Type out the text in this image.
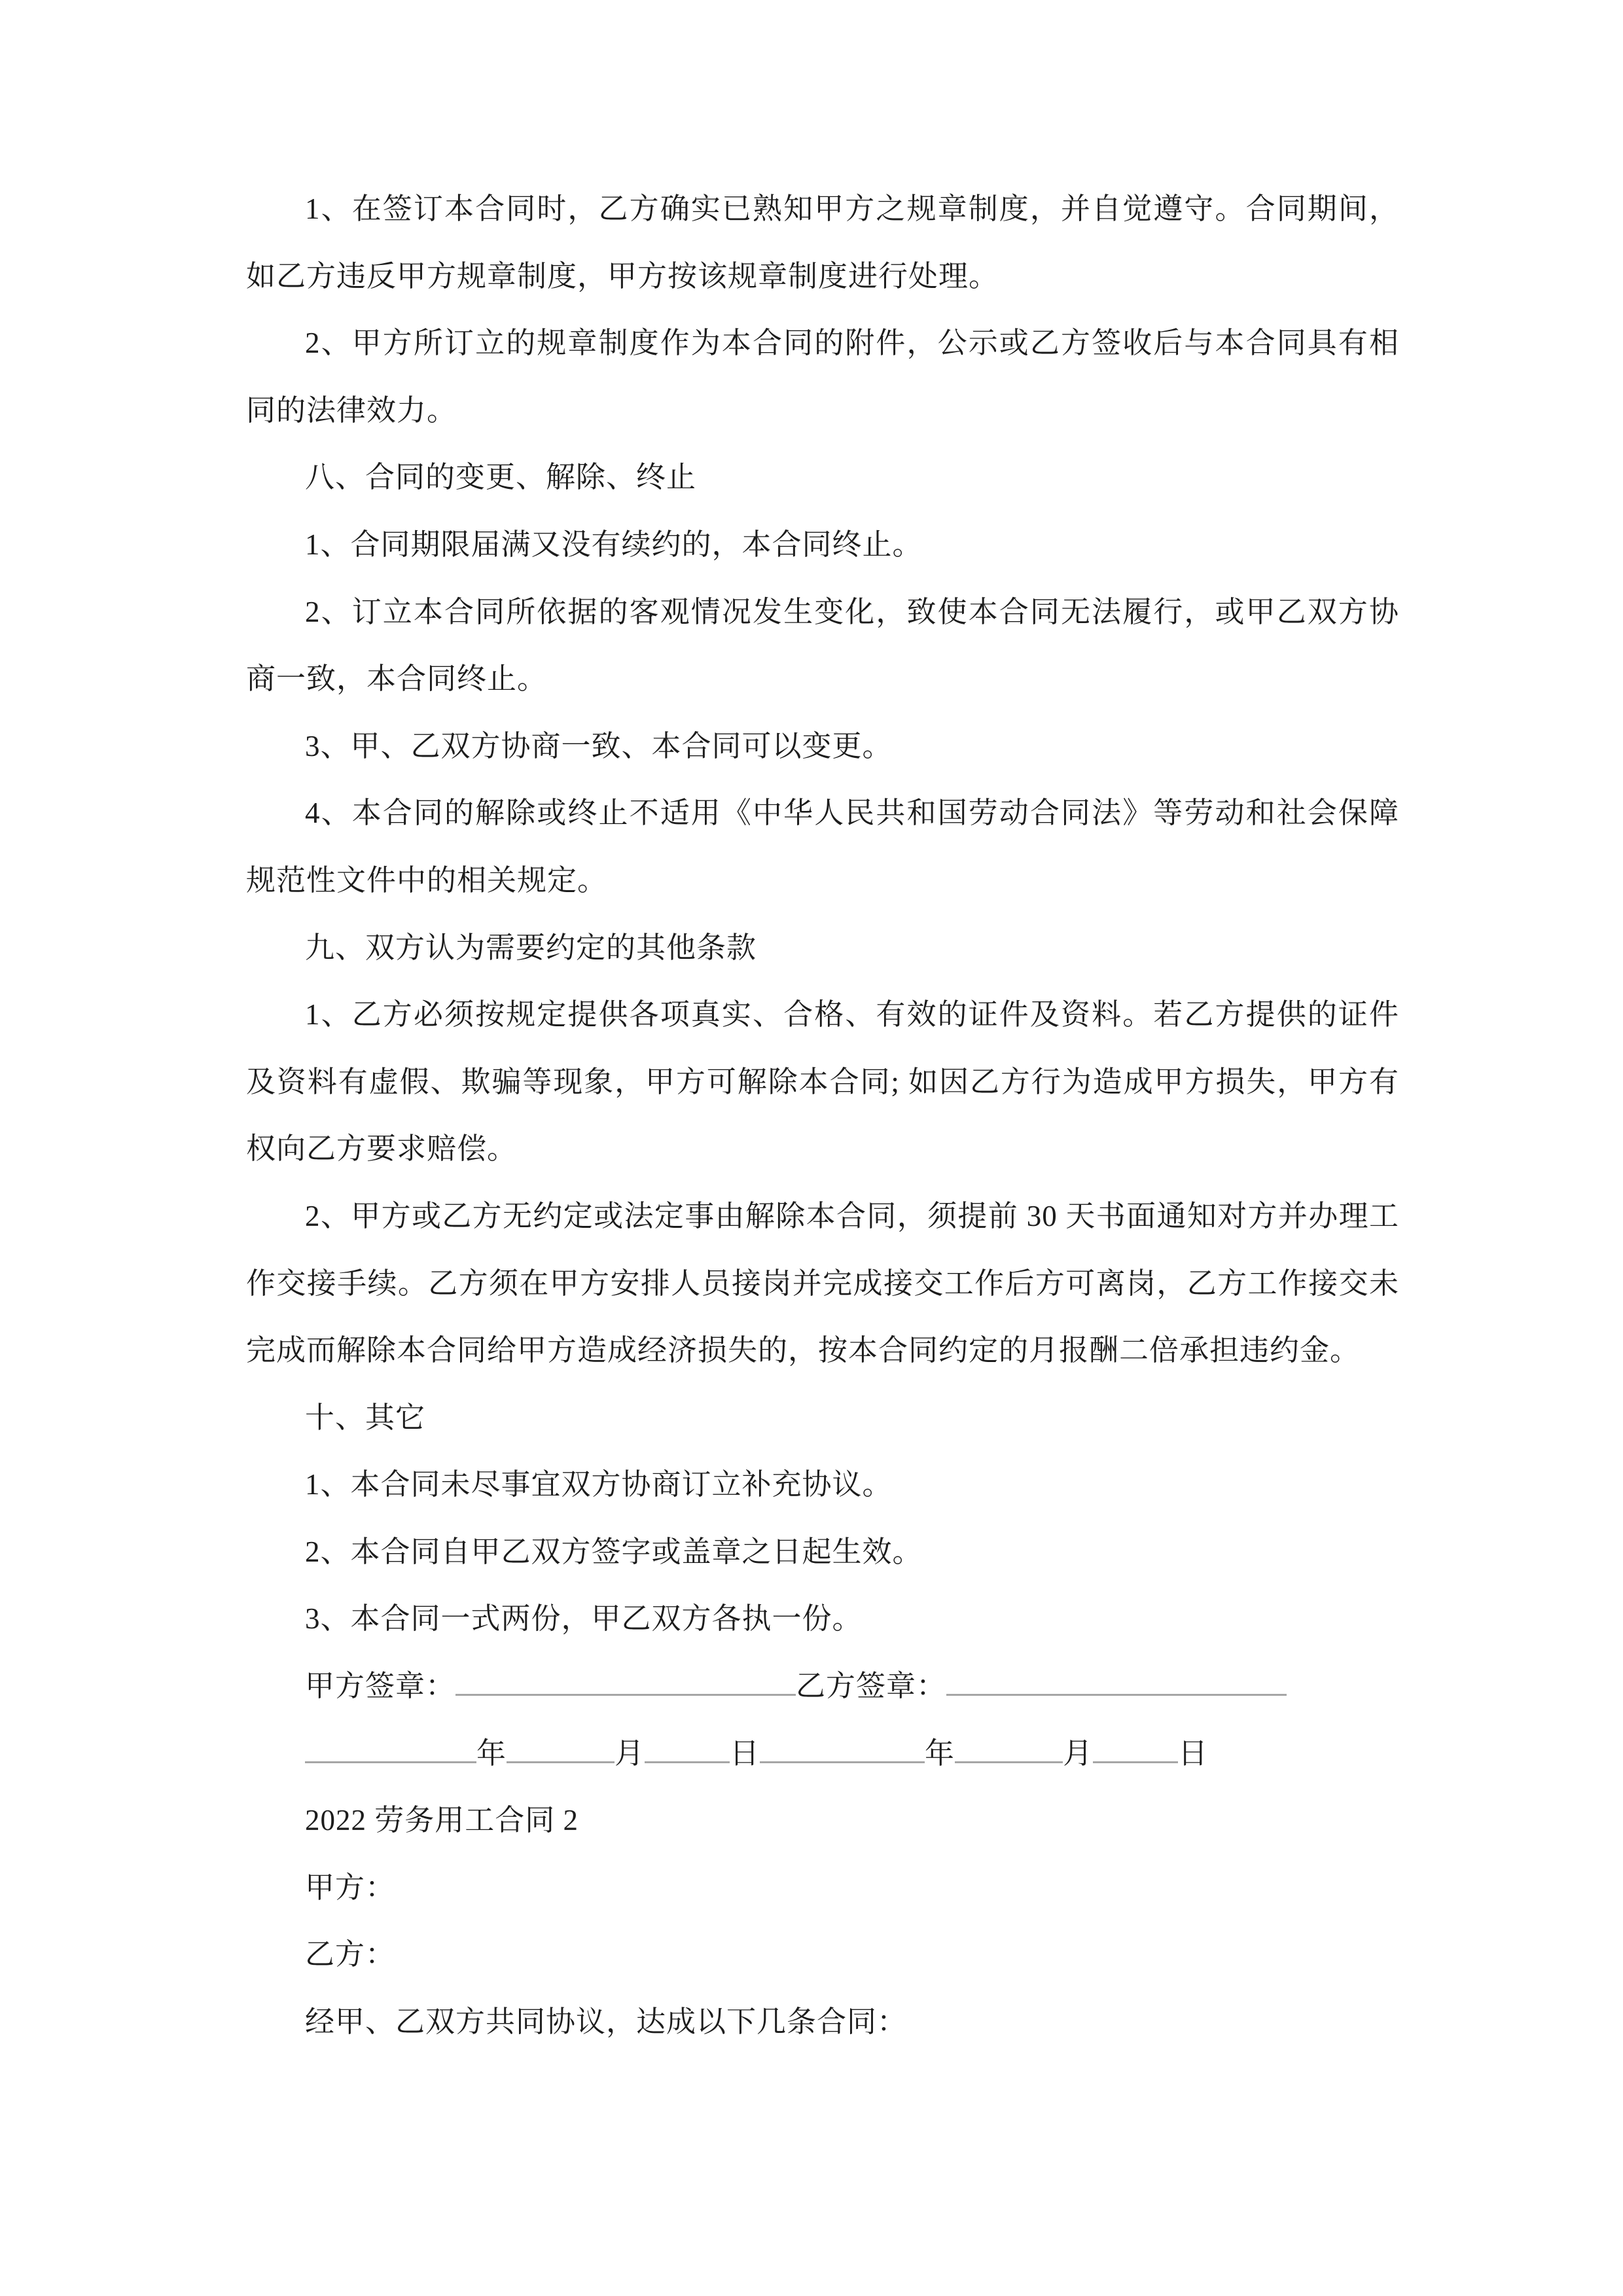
1、在签订本合同时，乙方确实已熟知甲方之规章制度，并自觉遵守。合同期间，如乙方违反甲方规章制度，甲方按该规章制度进行处理。

2、甲方所订立的规章制度作为本合同的附件，公示或乙方签收后与本合同具有相同的法律效力。

八、合同的变更、解除、终止

1、合同期限届满又没有续约的，本合同终止。

2、订立本合同所依据的客观情况发生变化，致使本合同无法履行，或甲乙双方协商一致，本合同终止。

3、甲、乙双方协商一致、本合同可以变更。

4、本合同的解除或终止不适用《中华人民共和国劳动合同法》等劳动和社会保障规范性文件中的相关规定。

九、双方认为需要约定的其他条款

1、乙方必须按规定提供各项真实、合格、有效的证件及资料。若乙方提供的证件及资料有虚假、欺骗等现象，甲方可解除本合同; 如因乙方行为造成甲方损失，甲方有权向乙方要求赔偿。

2、甲方或乙方无约定或法定事由解除本合同，须提前 30 天书面通知对方并办理工作交接手续。乙方须在甲方安排人员接岗并完成接交工作后方可离岗，乙方工作接交未完成而解除本合同给甲方造成经济损失的，按本合同约定的月报酬二倍承担违约金。

十、其它

1、本合同未尽事宜双方协商订立补充协议。

2、本合同自甲乙双方签字或盖章之日起生效。

3、本合同一式两份，甲乙双方各执一份。

甲方签章：	乙方签章：

年	月	日	年	月	日

2022 劳务用工合同 2

甲方：

乙方：

经甲、乙双方共同协议，达成以下几条合同：
